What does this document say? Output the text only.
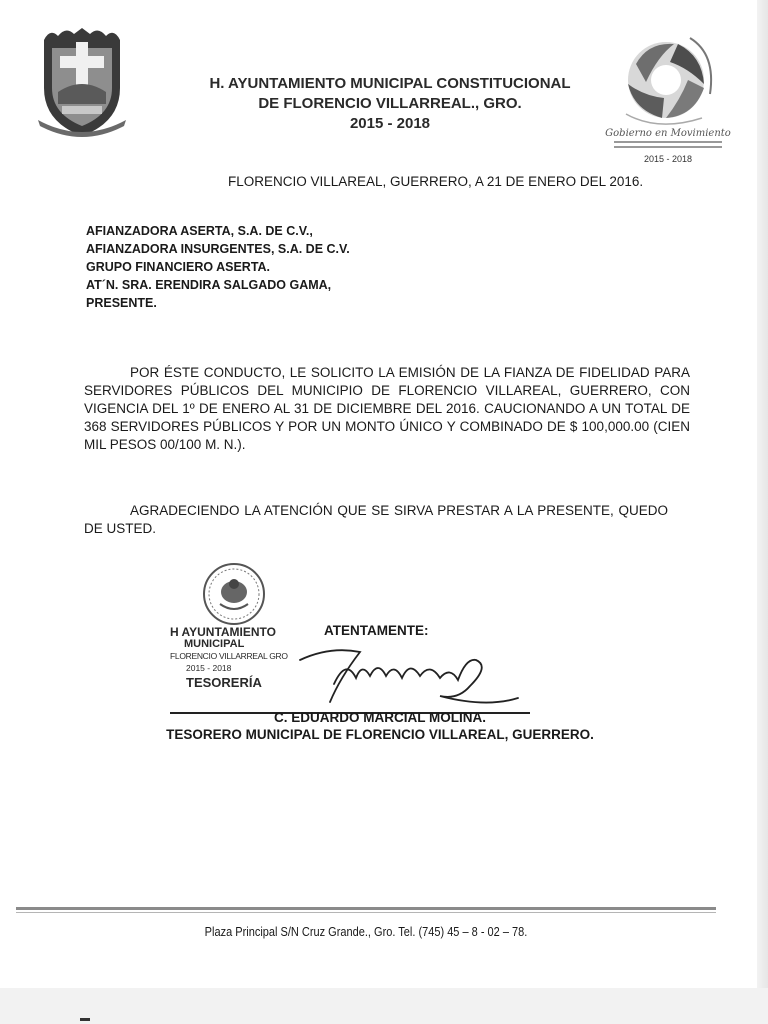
H. AYUNTAMIENTO MUNICIPAL CONSTITUCIONAL
DE FLORENCIO VILLARREAL., GRO.
2015 - 2018
Gobierno en Movimiento
2015 - 2018
FLORENCIO VILLAREAL, GUERRERO, A 21 DE ENERO DEL 2016.
AFIANZADORA ASERTA, S.A. DE C.V.,
AFIANZADORA INSURGENTES, S.A. DE C.V.
GRUPO FINANCIERO ASERTA.
AT´N. SRA. ERENDIRA SALGADO GAMA,
PRESENTE.
POR ÉSTE CONDUCTO, LE SOLICITO LA EMISIÓN DE LA FIANZA DE FIDELIDAD PARA SERVIDORES PÚBLICOS DEL MUNICIPIO DE FLORENCIO VILLAREAL, GUERRERO, CON VIGENCIA DEL 1º DE ENERO AL 31 DE DICIEMBRE DEL 2016. CAUCIONANDO A UN TOTAL DE 368 SERVIDORES PÚBLICOS Y POR UN MONTO ÚNICO Y COMBINADO DE $ 100,000.00 (CIEN MIL PESOS 00/100 M. N.).
AGRADECIENDO LA ATENCIÓN QUE SE SIRVA PRESTAR A LA PRESENTE, QUEDO DE USTED.
H AYUNTAMIENTO
MUNICIPAL
FLORENCIO VILLARREAL GRO
2015 - 2018
TESORERÍA
ATENTAMENTE:
C. EDUARDO MARCIAL MOLINA.
TESORERO MUNICIPAL DE FLORENCIO VILLAREAL, GUERRERO.
Plaza Principal S/N Cruz Grande., Gro. Tel. (745) 45 – 8 - 02 – 78.
